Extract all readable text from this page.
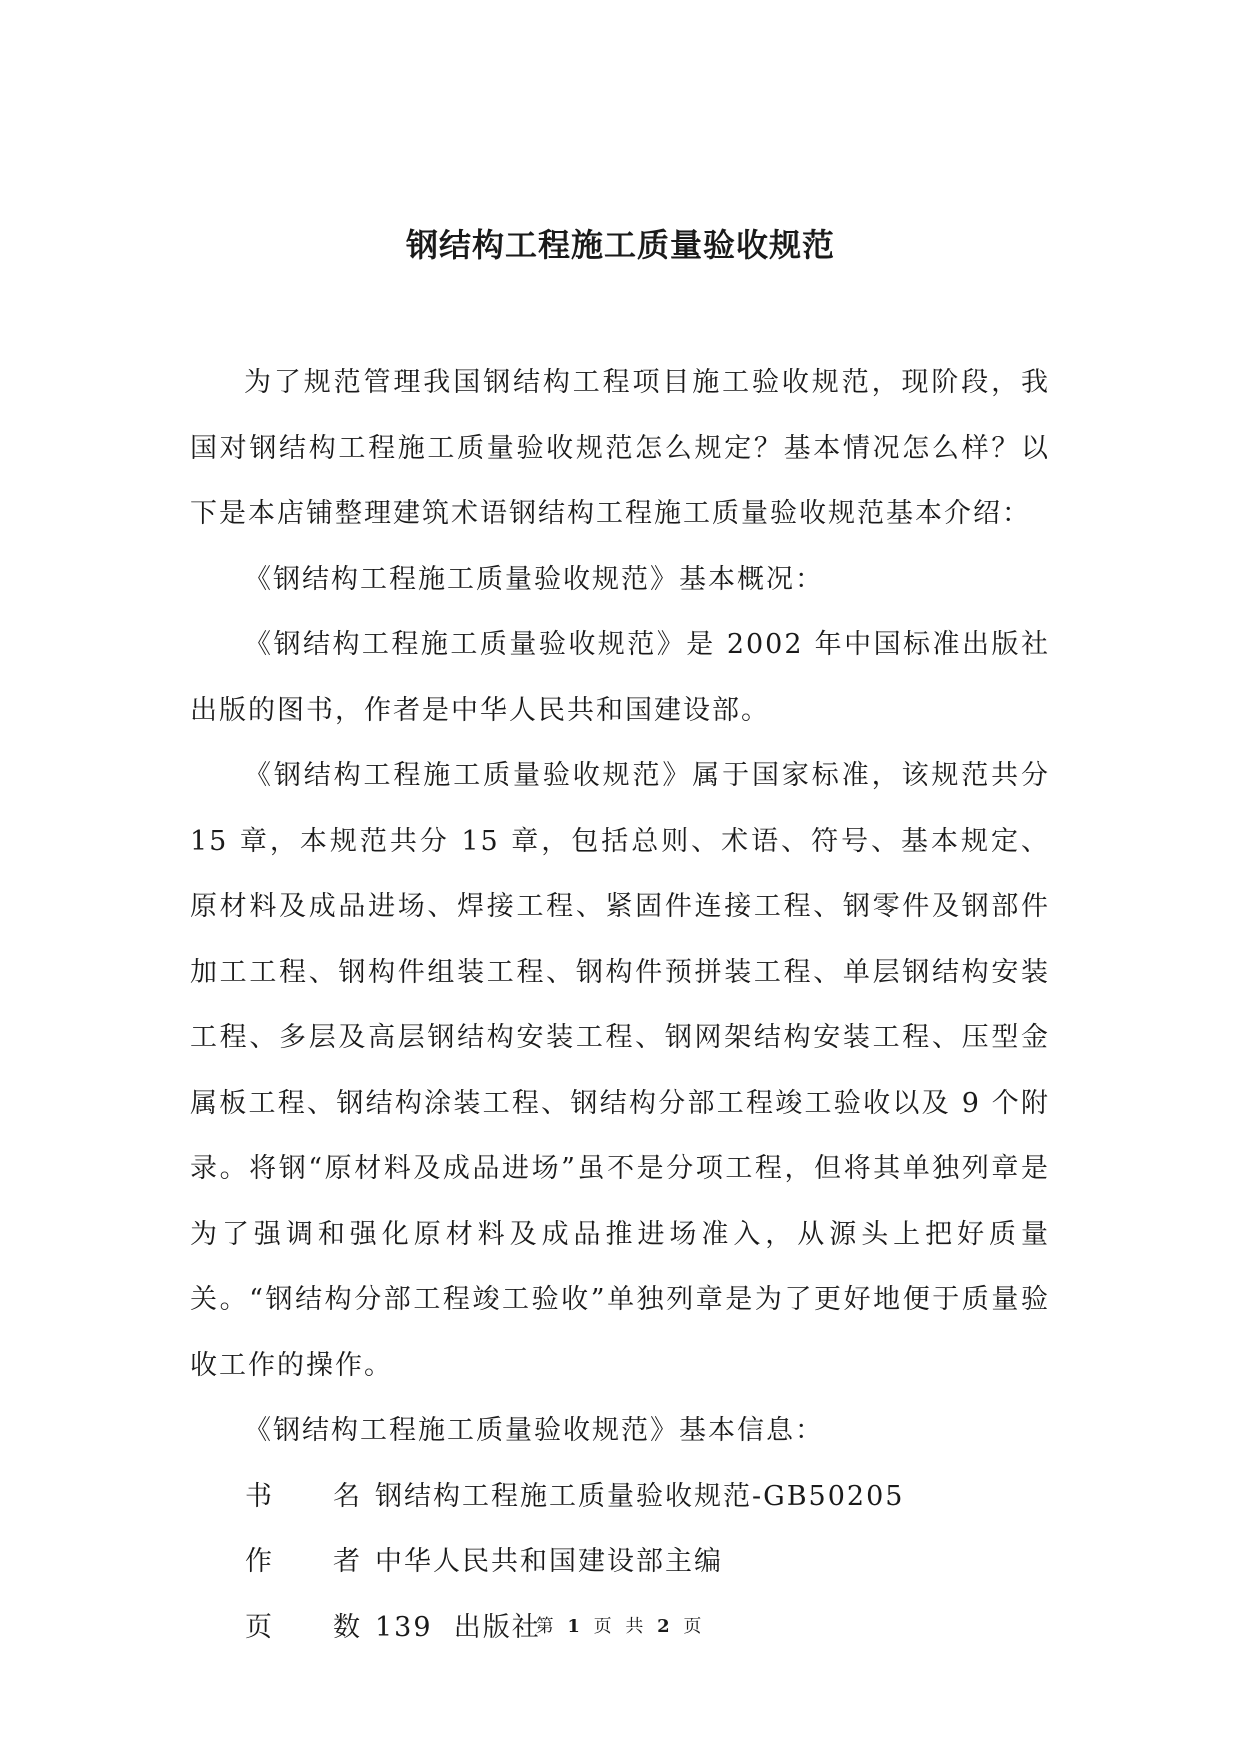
钢结构工程施工质量验收规范

为了规范管理我国钢结构工程项目施工验收规范，现阶段，我国对钢结构工程施工质量验收规范怎么规定？基本情况怎么样？以下是本店铺整理建筑术语钢结构工程施工质量验收规范基本介绍：

《钢结构工程施工质量验收规范》基本概况：

《钢结构工程施工质量验收规范》是 2002 年中国标准出版社出版的图书，作者是中华人民共和国建设部。

《钢结构工程施工质量验收规范》属于国家标准，该规范共分 15 章，本规范共分 15 章，包括总则、术语、符号、基本规定、原材料及成品进场、焊接工程、紧固件连接工程、钢零件及钢部件加工工程、钢构件组装工程、钢构件预拼装工程、单层钢结构安装工程、多层及高层钢结构安装工程、钢网架结构安装工程、压型金属板工程、钢结构涂装工程、钢结构分部工程竣工验收以及 9 个附录。将钢“原材料及成品进场”虽不是分项工程，但将其单独列章是为了强调和强化原材料及成品推进场准入，从源头上把好质量关。“钢结构分部工程竣工验收”单独列章是为了更好地便于质量验收工作的操作。

《钢结构工程施工质量验收规范》基本信息：

书	名 钢结构工程施工质量验收规范-GB50205
作	者 中华人民共和国建设部主编
页	数 139  出版社
第 1 页 共 2 页
